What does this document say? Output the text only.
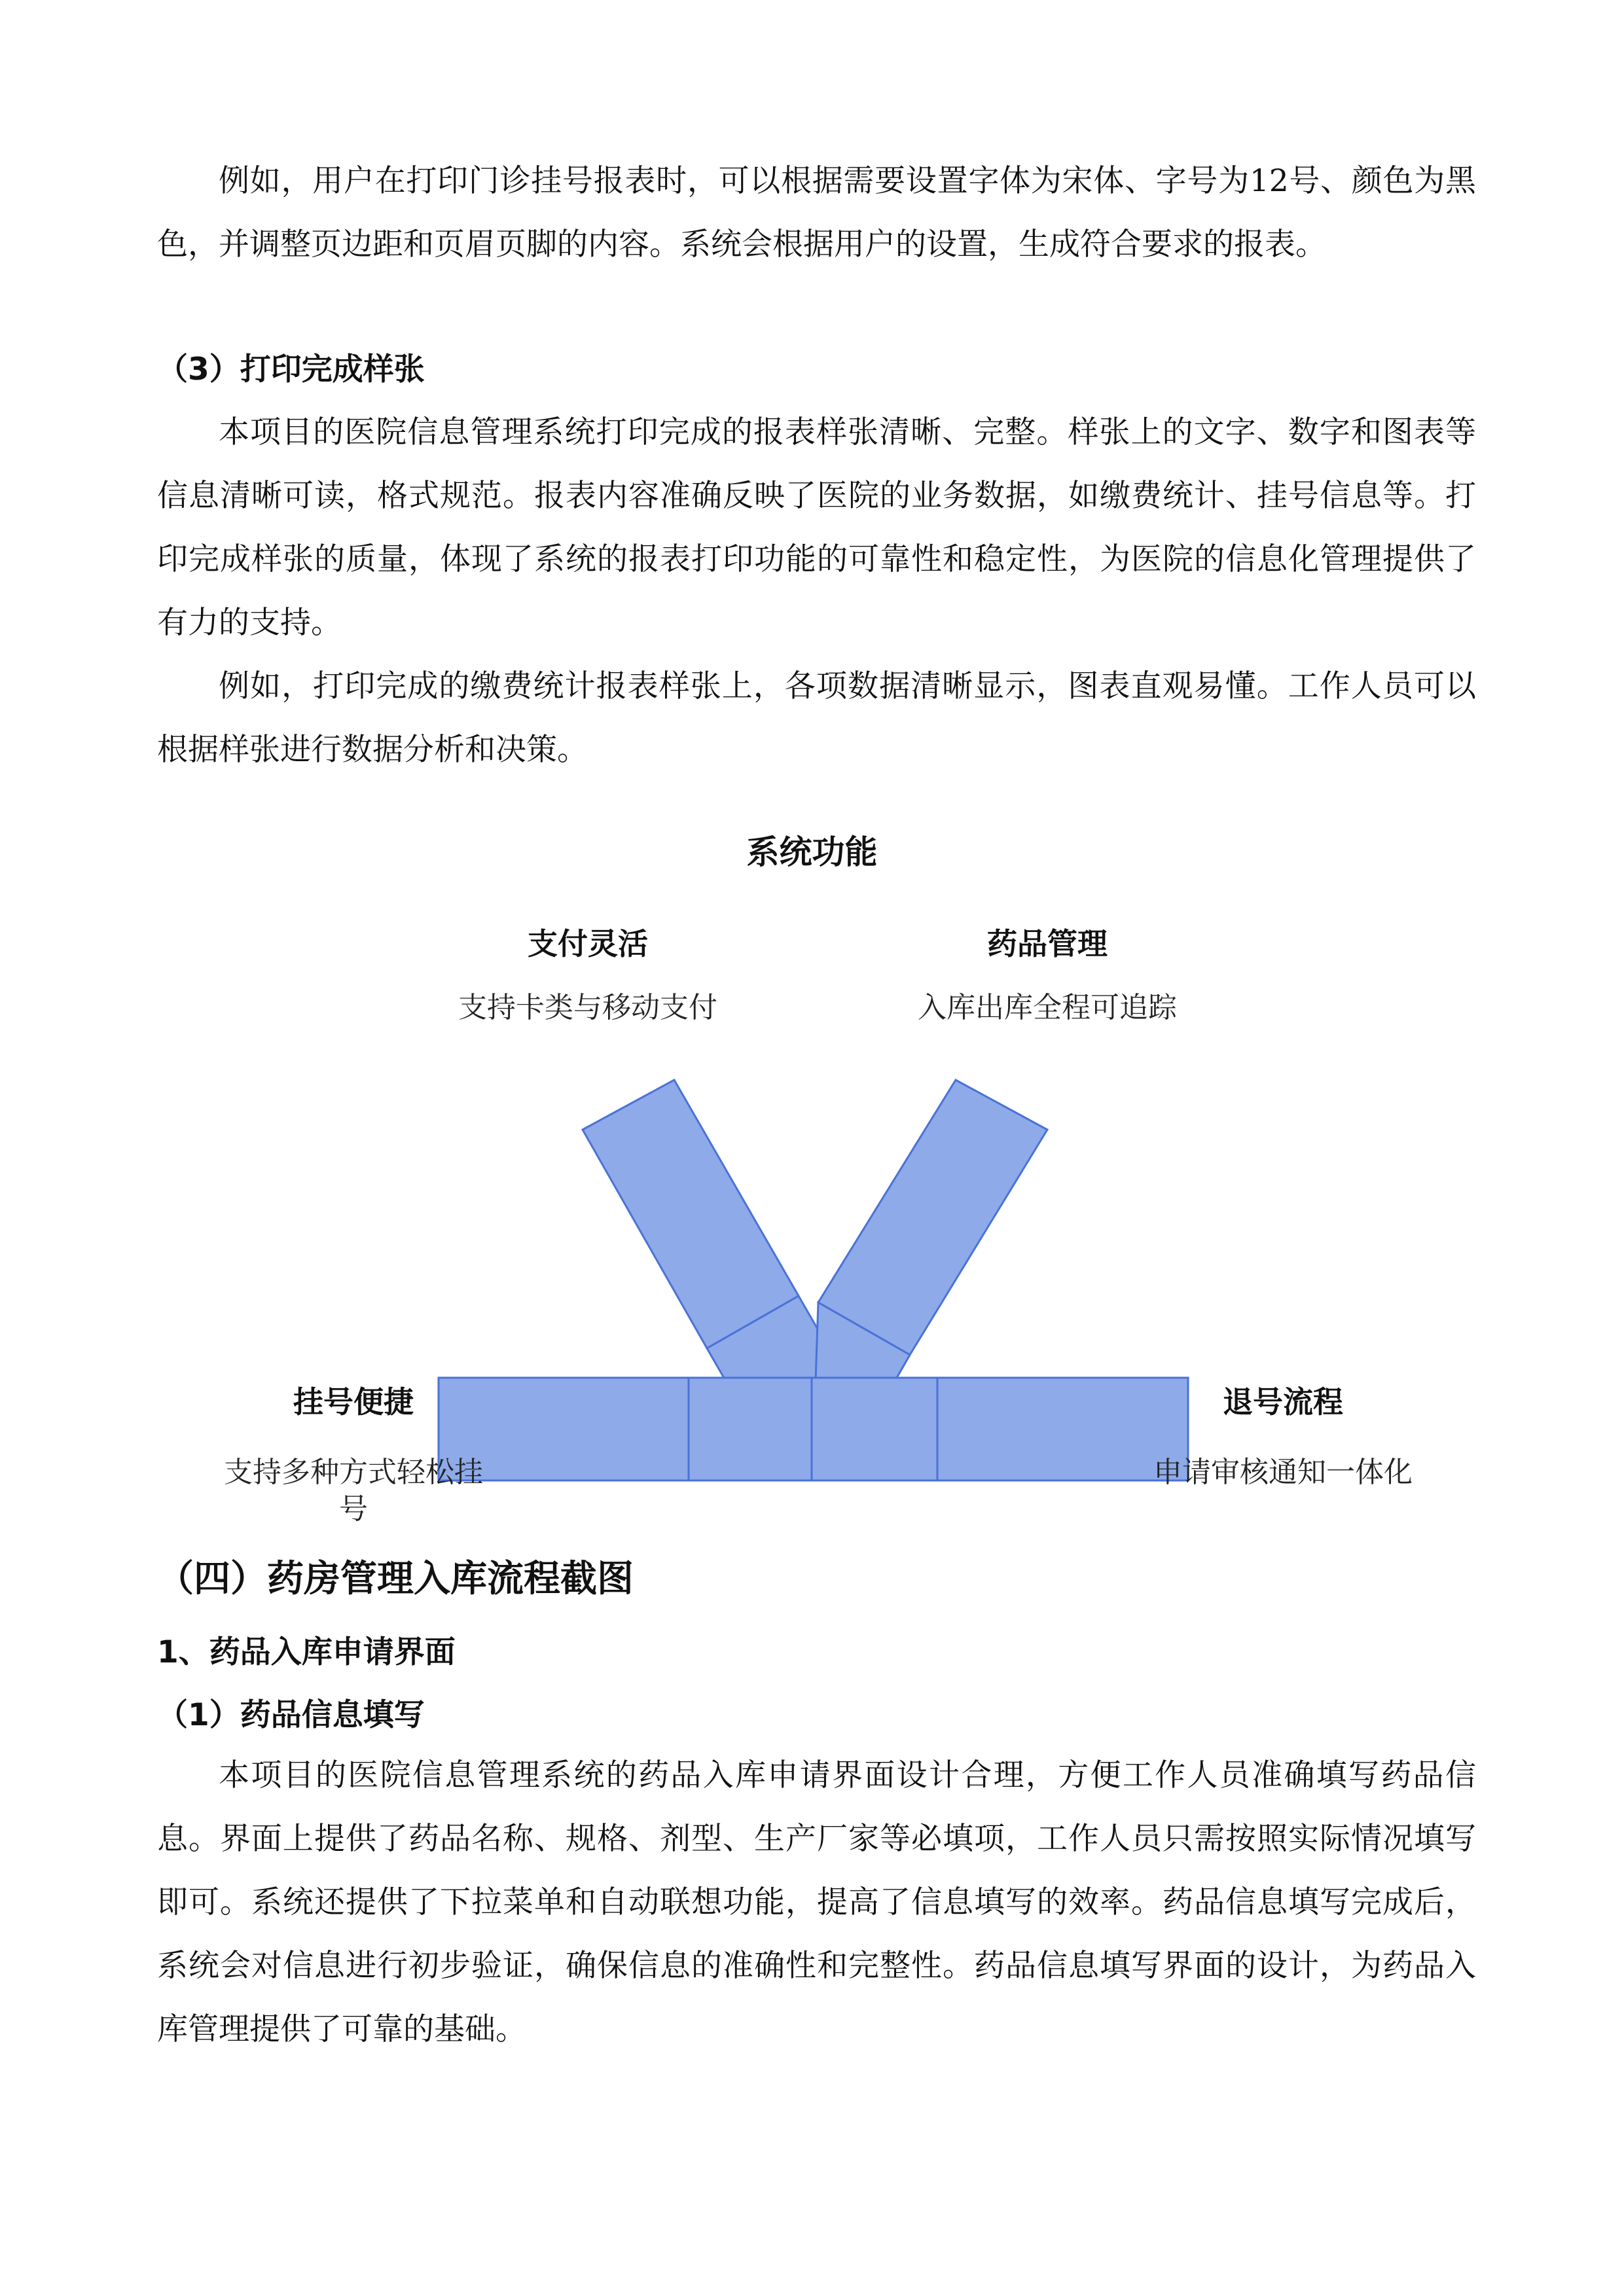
例如，用户在打印门诊挂号报表时，可以根据需要设置字体为宋体、字号为12号、颜色为黑色，并调整页边距和页眉页脚的内容。系统会根据用户的设置，生成符合要求的报表。

（3）打印完成样张

本项目的医院信息管理系统打印完成的报表样张清晰、完整。样张上的文字、数字和图表等信息清晰可读，格式规范。报表内容准确反映了医院的业务数据，如缴费统计、挂号信息等。打印完成样张的质量，体现了系统的报表打印功能的可靠性和稳定性，为医院的信息化管理提供了有力的支持。

例如，打印完成的缴费统计报表样张上，各项数据清晰显示，图表直观易懂。工作人员可以根据样张进行数据分析和决策。

系统功能
支付灵活
支持卡类与移动支付
药品管理
入库出库全程可追踪
挂号便捷
支持多种方式轻松挂号
退号流程
申请审核通知一体化

（四）药房管理入库流程截图

1、药品入库申请界面

（1）药品信息填写

本项目的医院信息管理系统的药品入库申请界面设计合理，方便工作人员准确填写药品信息。界面上提供了药品名称、规格、剂型、生产厂家等必填项，工作人员只需按照实际情况填写即可。系统还提供了下拉菜单和自动联想功能，提高了信息填写的效率。药品信息填写完成后，系统会对信息进行初步验证，确保信息的准确性和完整性。药品信息填写界面的设计，为药品入库管理提供了可靠的基础。
